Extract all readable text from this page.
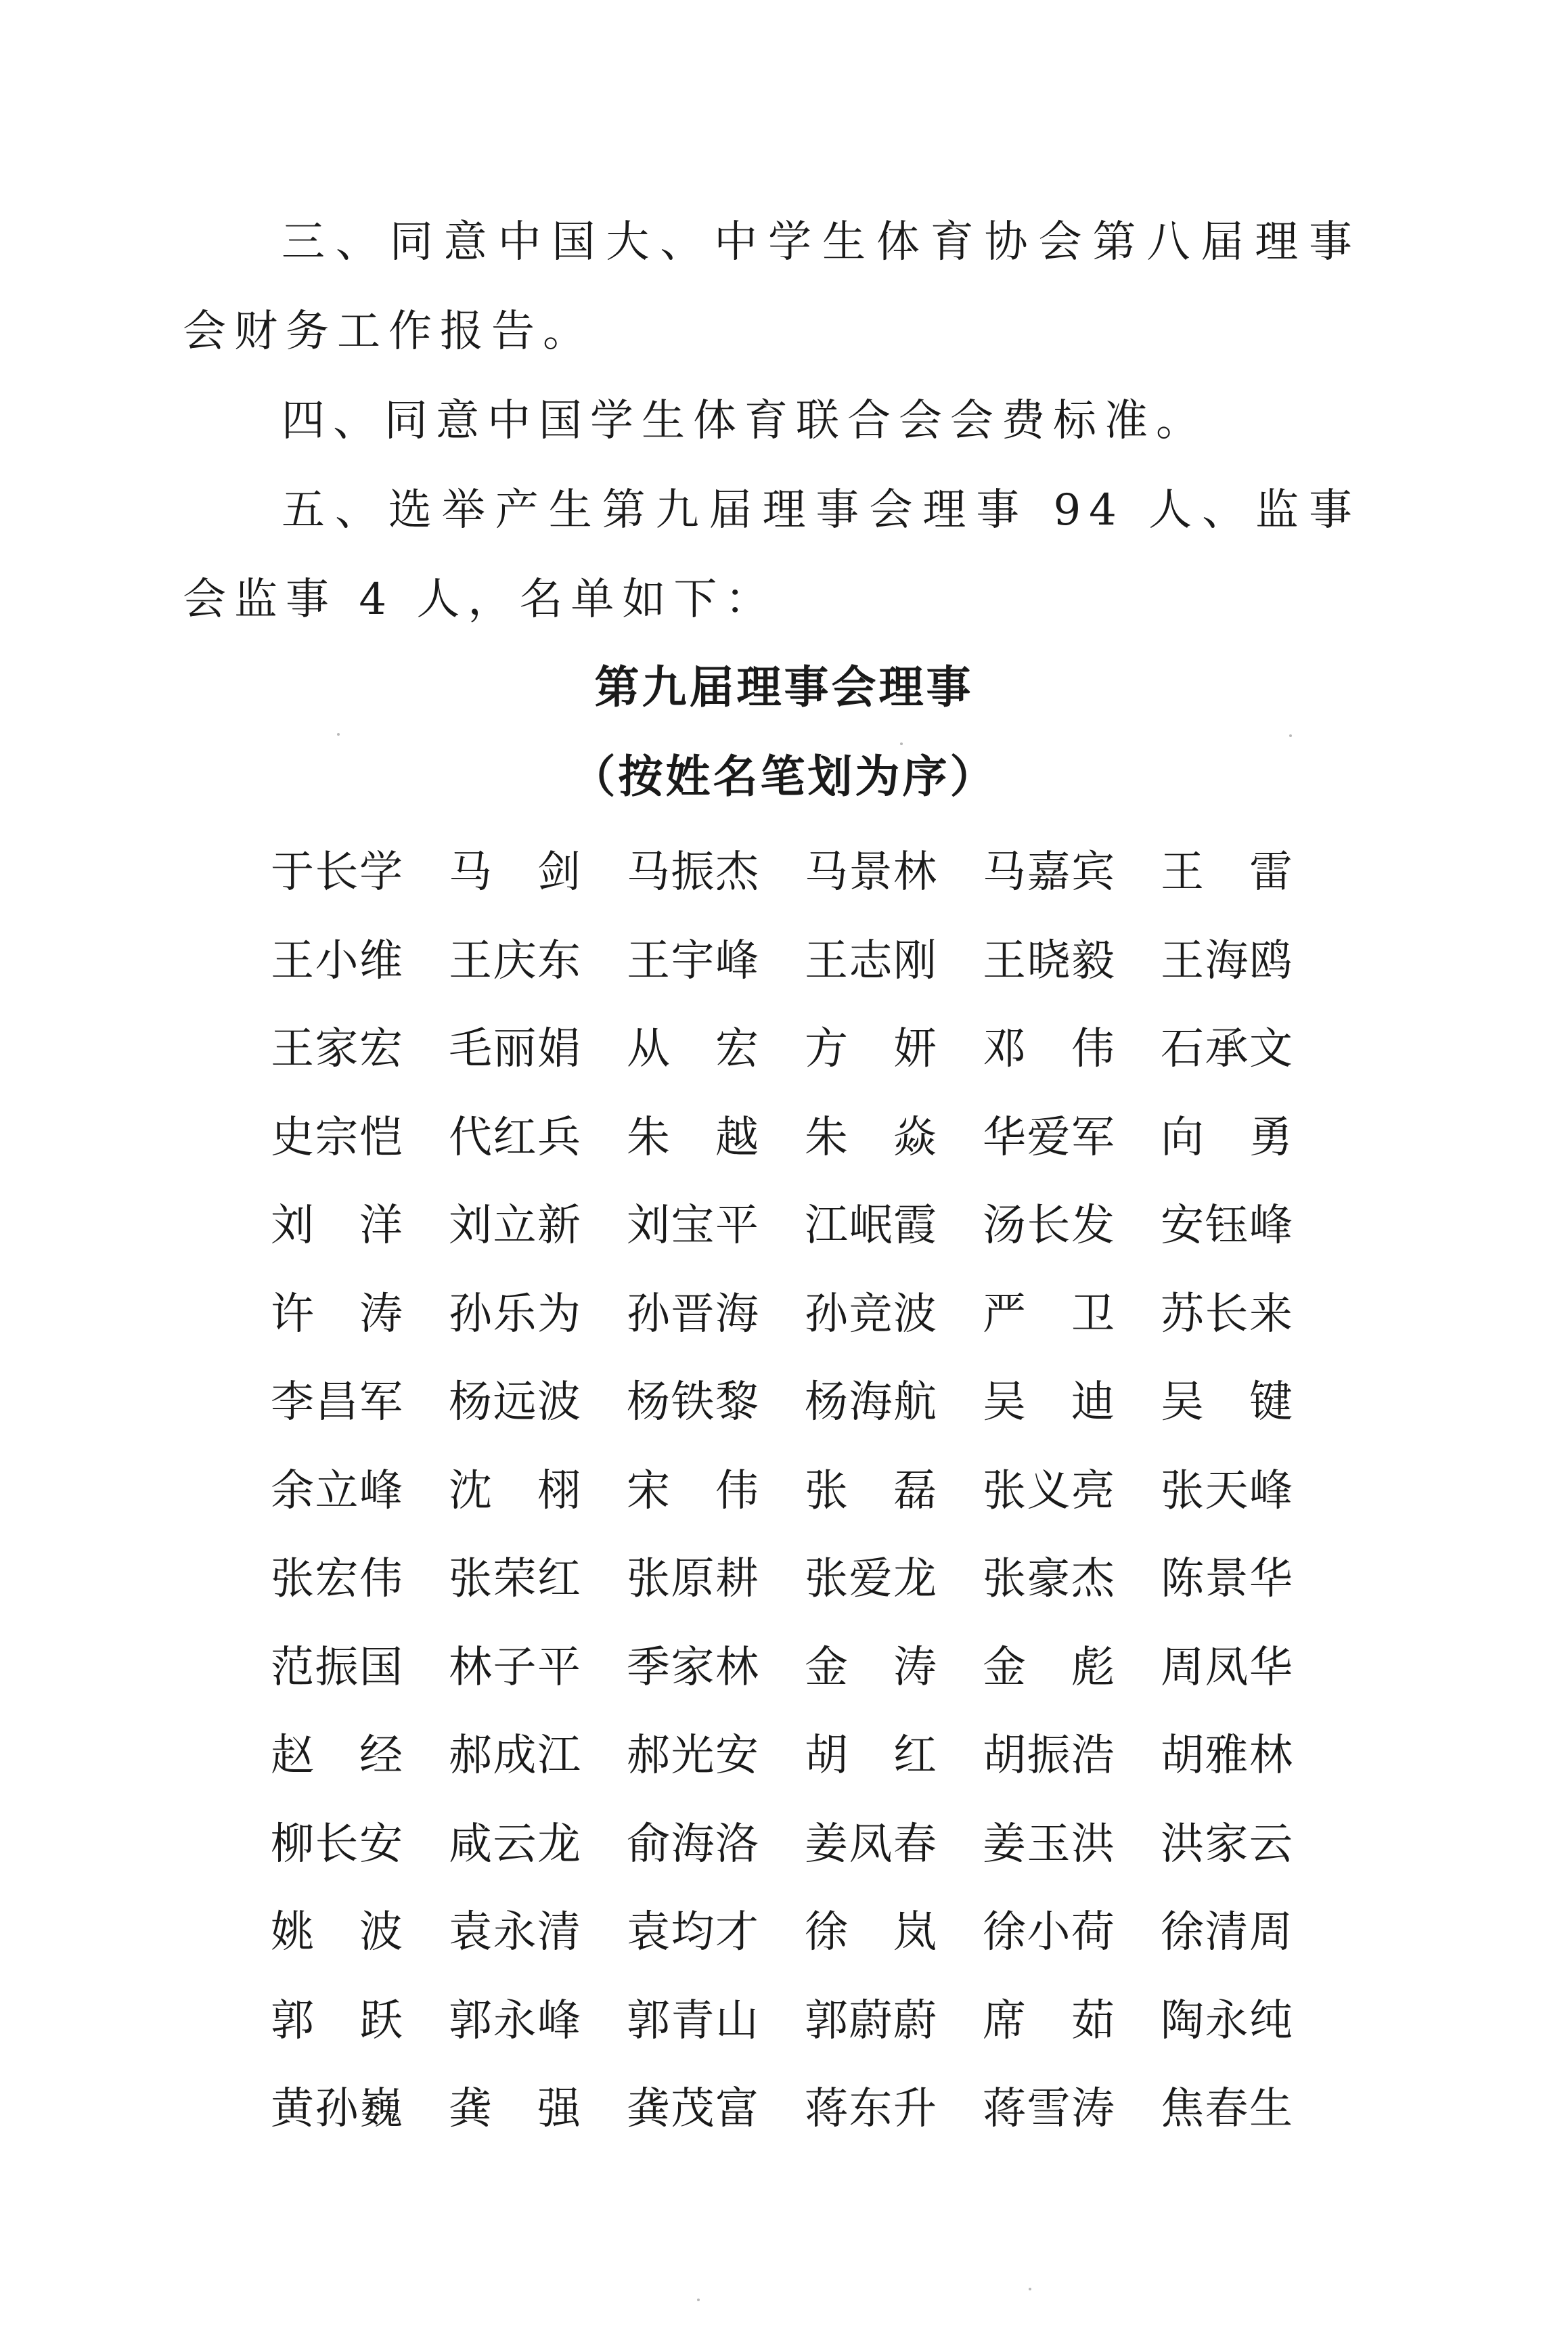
三、同意中国大、中学生体育协会第八届理事会财务工作报告。

四、同意中国学生体育联合会会费标准。

五、选举产生第九届理事会理事 94 人、监事会监事 4 人，名单如下：

第九届理事会理事
（按姓名笔划为序）
于 长 学 马 剑 马 振 杰 马 景 林 马 嘉 宾 王 雷
王 小 维 王 庆 东 王 宇 峰 王 志 刚 王 晓 毅 王 海 鸥
王 家 宏 毛 丽 娟 从 宏 方 妍 邓 伟 石 承 文
史 宗 恺 代 红 兵 朱 越 朱 焱 华 爱 军 向 勇
刘 洋 刘 立 新 刘 宝 平 江 岷 霞 汤 长 发 安 钰 峰
许 涛 孙 乐 为 孙 晋 海 孙 竞 波 严 卫 苏 长 来
李 昌 军 杨 远 波 杨 铁 黎 杨 海 航 吴 迪 吴 键
余 立 峰 沈 栩 宋 伟 张 磊 张 义 亮 张 天 峰
张 宏 伟 张 荣 红 张 原 耕 张 爱 龙 张 豪 杰 陈 景 华
范 振 国 林 子 平 季 家 林 金 涛 金 彪 周 凤 华
赵 经 郝 成 江 郝 光 安 胡 红 胡 振 浩 胡 雅 林
柳 长 安 咸 云 龙 俞 海 洛 姜 凤 春 姜 玉 洪 洪 家 云
姚 波 袁 永 清 袁 均 才 徐 岚 徐 小 荷 徐 清 周
郭 跃 郭 永 峰 郭 青 山 郭 蔚 蔚 席 茹 陶 永 纯
黄 孙 巍 龚 强 龚 茂 富 蒋 东 升 蒋 雪 涛 焦 春 生
